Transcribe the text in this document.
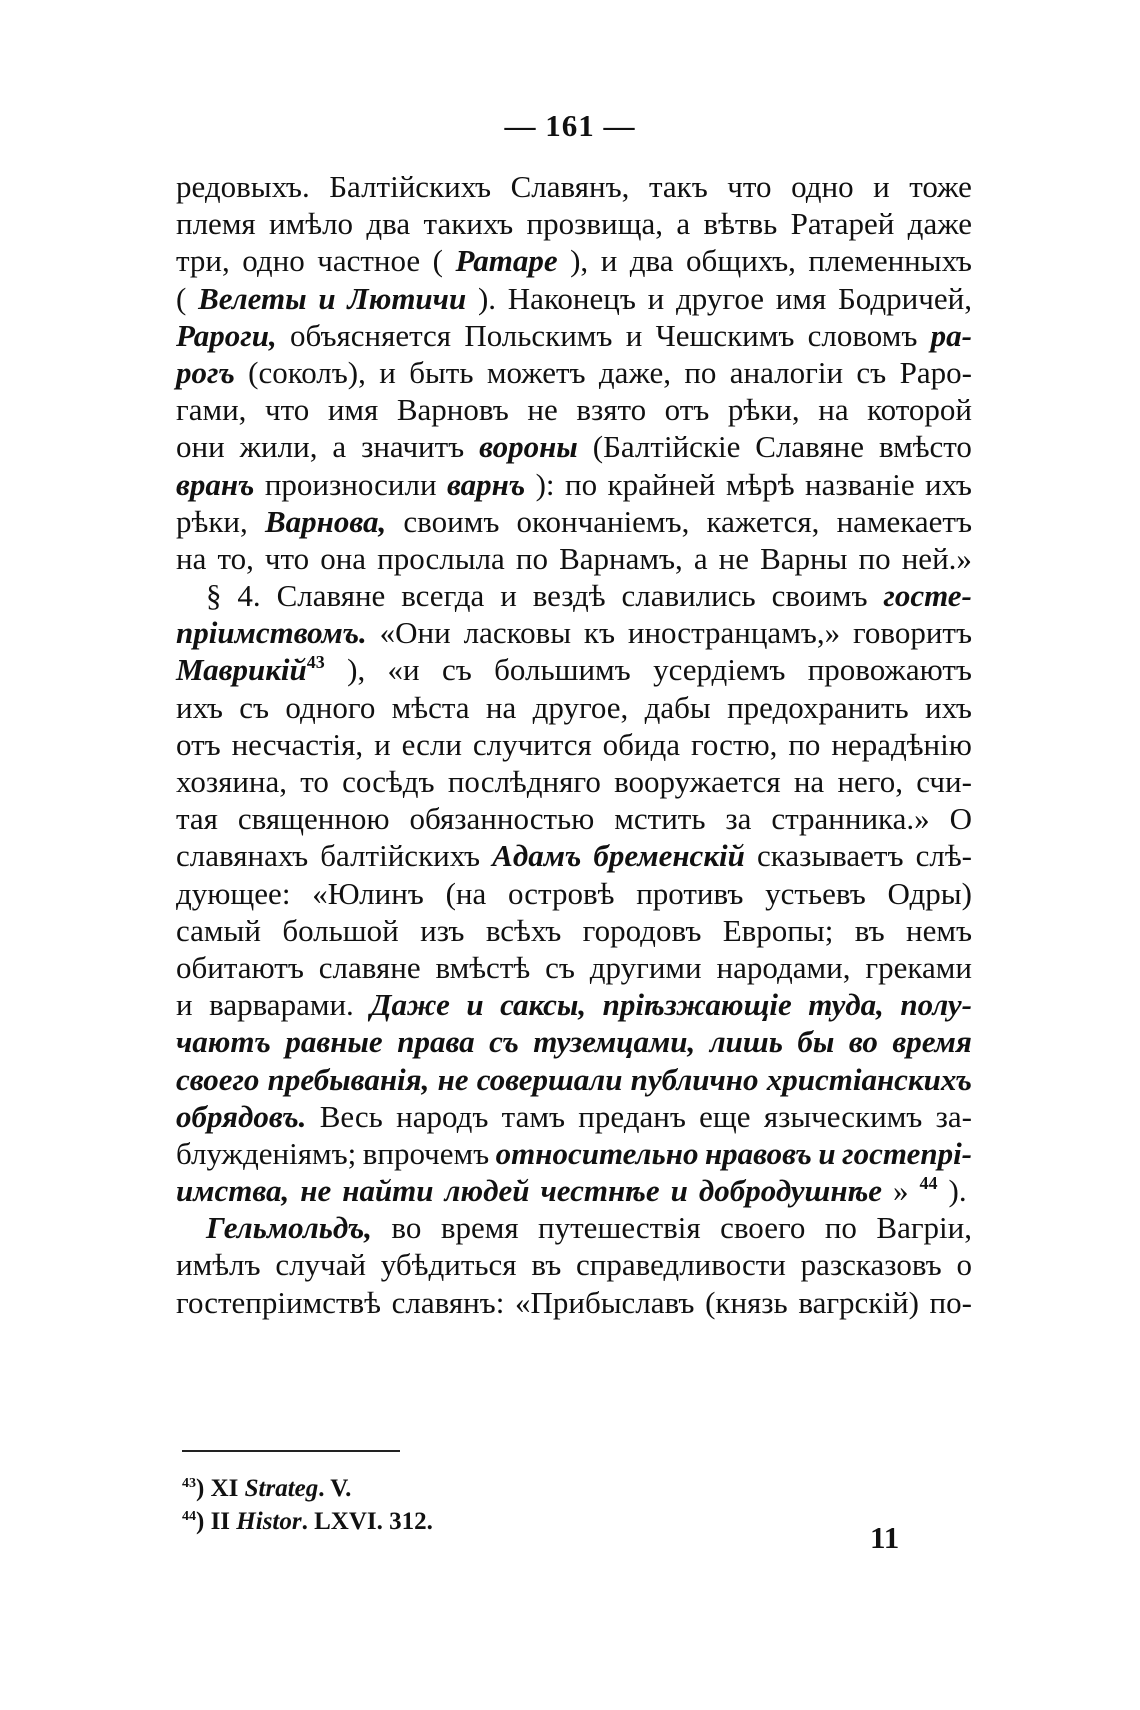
— 161 —
редовыхъ. Балтійскихъ Славянъ, такъ что одно и тоже
племя имѣло два такихъ прозвища, а вѣтвь Ратарей даже
три, одно частное ( Ратаре ), и два общихъ, племенныхъ
( Велеты и Лютичи ). Наконецъ и другое имя Бодричей,
Рароги, объясняется Польскимъ и Чешскимъ словомъ ра-
рогъ (соколъ), и быть можетъ даже, по аналогіи съ Раро-
гами, что имя Варновъ не взято отъ рѣки, на которой
они жили, а значитъ вороны (Балтійскіе Славяне вмѣсто
вранъ произносили варнъ ): по крайней мѣрѣ названіе ихъ
рѣки, Варнова, своимъ окончаніемъ, кажется, намекаетъ
на то, что она прослыла по Варнамъ, а не Варны по ней.»
§ 4. Славяне всегда и вездѣ славились своимъ госте-
пріимствомъ. «Они ласковы къ иностранцамъ,» говоритъ
Маврикій$^{43}$ ), «и съ большимъ усердіемъ провожаютъ
ихъ съ одного мѣста на другое, дабы предохранить ихъ
отъ несчастія, и если случится обида гостю, по нерадѣнію
хозяина, то сосѣдъ послѣдняго вооружается на него, счи-
тая священною обязанностью мстить за странника.» О
славянахъ балтійскихъ Адамъ бременскій сказываетъ слѣ-
дующее: «Юлинъ (на островѣ противъ устьевъ Одры)
самый большой изъ всѣхъ городовъ Европы; въ немъ
обитаютъ славяне вмѣстѣ съ другими народами, греками
и варварами. Даже и саксы, пріѣзжающіе туда, полу-
чаютъ равные права съ туземцами, лишь бы во время
своего пребыванія, не совершали публично христіанскихъ
обрядовъ. Весь народъ тамъ преданъ еще языческимъ за-
блужденіямъ; впрочемъ относительно нравовъ и гостепрі-
имства, не найти людей честнѣе и добродушнѣе » $^{44}$ ).
Гельмольдъ, во время путешествія своего по Вагріи,
имѣлъ случай убѣдиться въ справедливости разсказовъ о
гостепріимствѣ славянъ: «Прибыславъ (князь вагрскій) по-
$^{43}$) XI Strateg. V.
$^{44}$) II Histor. LXVI. 312.	11
